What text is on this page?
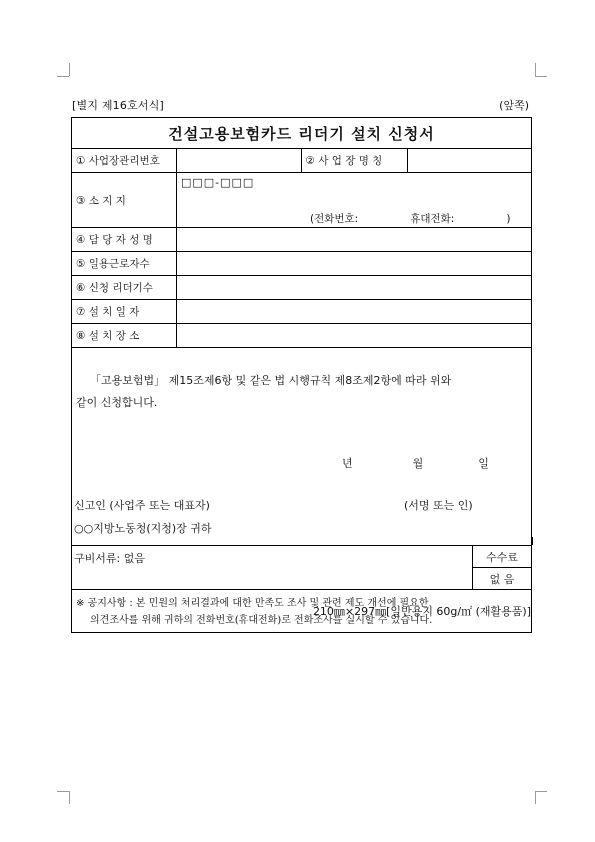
[별지 제16호서식]	(앞쪽)
건설고용보험카드 리더기 설치 신청서
① 사업장관리번호	② 사 업 장 명 칭
③ 소 지 지
□□□-□□□
(전화번호:	휴대전화:	)
④ 담 당 자 성 명
⑤ 일용근로자수
⑥ 신청 리더기수
⑦ 설 치 일 자
⑧ 설 치 장 소
「고용보험법」 제15조제6항 및 같은 법 시행규칙 제8조제2항에 따라 위와
같이 신청합니다.
년	월	일
신고인 (사업주 또는 대표자)	(서명 또는 인)
○○지방노동청(지청)장 귀하
구비서류: 없음	수수료
없 음
※ 공지사항 : 본 민원의 처리결과에 대한 만족도 조사 및 관련 제도 개선에 필요한
의견조사를 위해 귀하의 전화번호(휴대전화)로 전화조사를 실시할 수 있습니다.
210㎜×297㎜[일반용지 60g/㎡ (재활용품)]
